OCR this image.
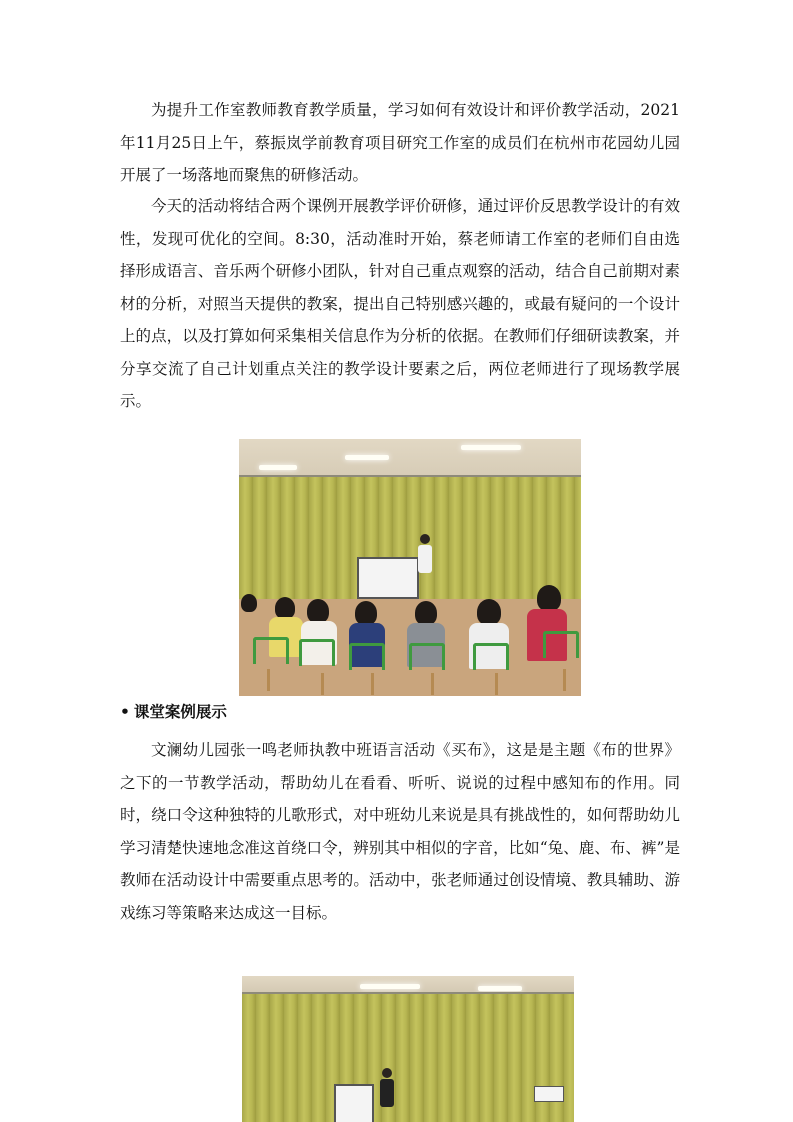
为提升工作室教师教育教学质量，学习如何有效设计和评价教学活动，2021年11月25日上午，蔡振岚学前教育项目研究工作室的成员们在杭州市花园幼儿园开展了一场落地而聚焦的研修活动。

今天的活动将结合两个课例开展教学评价研修，通过评价反思教学设计的有效性，发现可优化的空间。8:30，活动准时开始，蔡老师请工作室的老师们自由选择形成语言、音乐两个研修小团队，针对自己重点观察的活动，结合自己前期对素材的分析，对照当天提供的教案，提出自己特别感兴趣的，或最有疑问的一个设计上的点，以及打算如何采集相关信息作为分析的依据。在教师们仔细研读教案，并分享交流了自己计划重点关注的教学设计要素之后，两位老师进行了现场教学展示。

• 课堂案例展示

文澜幼儿园张一鸣老师执教中班语言活动《买布》，这是是主题《布的世界》之下的一节教学活动，帮助幼儿在看看、听听、说说的过程中感知布的作用。同时，绕口令这种独特的儿歌形式，对中班幼儿来说是具有挑战性的，如何帮助幼儿学习清楚快速地念准这首绕口令，辨别其中相似的字音，比如“兔、鹿、布、裤”是教师在活动设计中需要重点思考的。活动中，张老师通过创设情境、教具辅助、游戏练习等策略来达成这一目标。
